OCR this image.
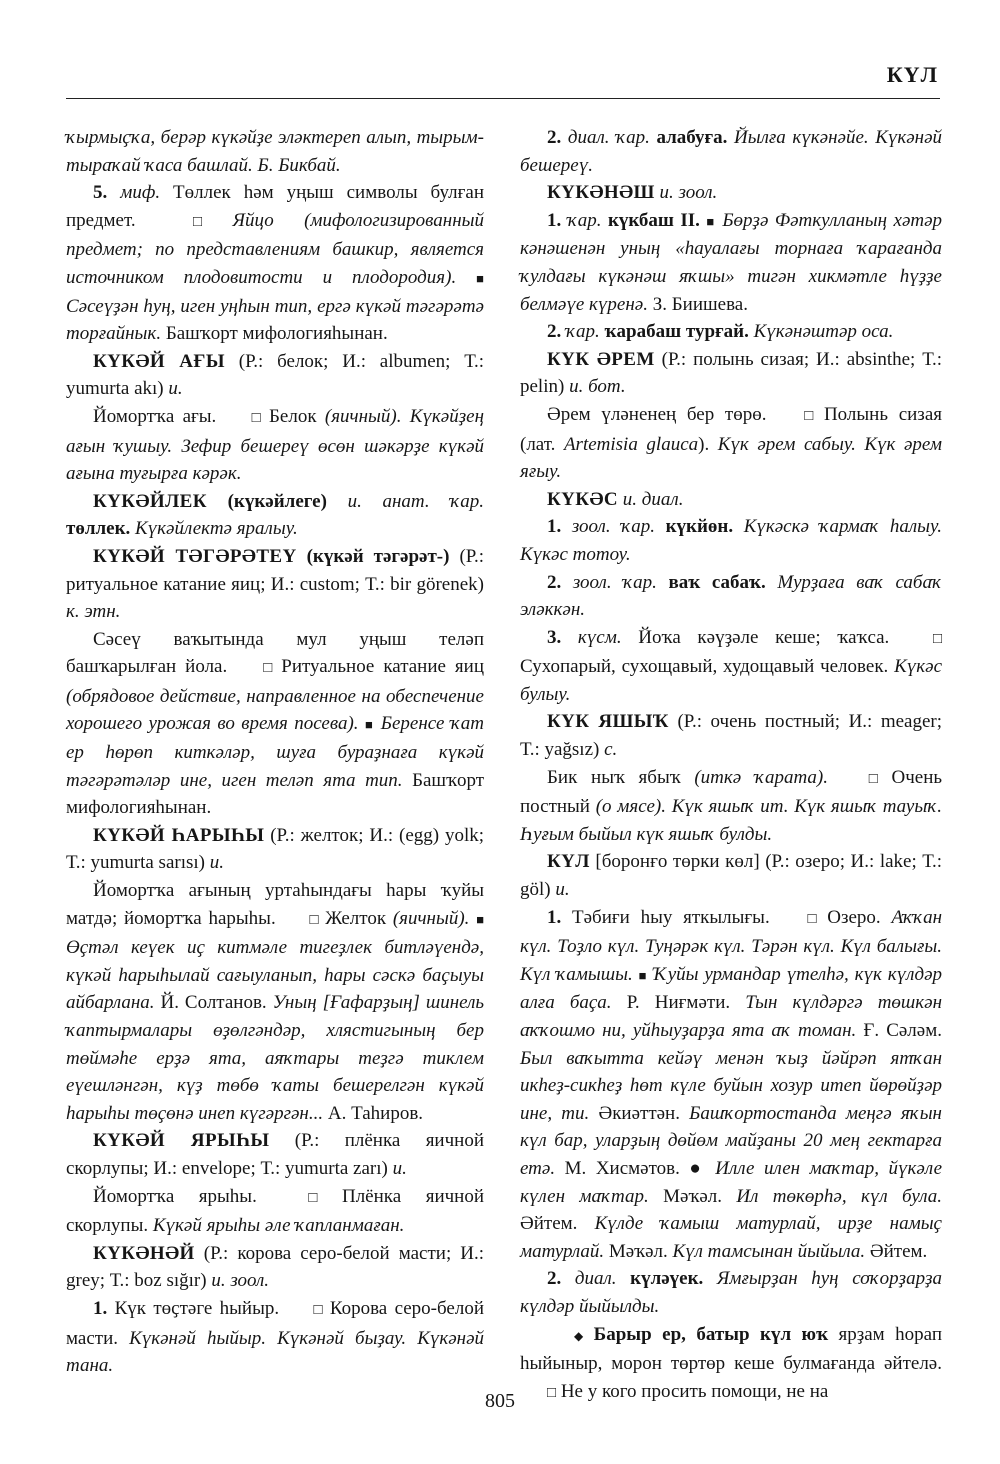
КҮЛ

ҡырмыҫҡа, берәр күкәйҙе эләктереп алып, тырым-тыраҡай ҡаса башлай. Б. Бикбай.

5. миф. Төллек һәм уңыш символы булған предмет.	□ Яйцо (мифологизированный предмет; по представлениям башкир, является источником плодовитости и плодородия). ■ Сәсеүҙән һуң, иген уңһын тип, ергә күкәй тәгәрәтә торғайнык. Башҡорт мифологияһынан.

КҮКӘЙ АҒЫ (Р.: белок; И.: albumen; Т.: yumurta akı) и.

Йомортҡа ағы. □ Белок (яичный). Күкәйҙең ағын ҡушыу. Зефир бешереү өсөн шәкәрҙе күкәй ағына туғырға кәрәк.

КҮКӘЙЛЕК (күкәйлеге) и. анат. ҡар. төллек. Күкәйлектә яралыу.

КҮКӘЙ ТӘГӘРӘТЕҮ (күкәй тәгәрәт-) (Р.: ритуальное катание яиц; И.: custom; Т.: bir görenek) к. этн.

Сәсеү ваҡытында мул уңыш теләп башҡарылған йола. □ Ритуальное катание яиц (обрядовое действие, направленное на обеспечение хорошего урожая во время посева). ■ Беренсе ҡат ер һөрөп киткәләр, шуға бураҙнаға күкәй тәгәрәтәләр ине, иген теләп ята тип. Башҡорт мифологияһынан.

КҮКӘЙ ҺАРЫҺЫ (Р.: желток; И.: (egg) yolk; Т.: yumurta sarısı) и.

Йомортҡа ағының уртаһындағы һары ҡуйы матдә; йомортҡа һарыһы. □ Желток (яичный). ■ Өҫтәл кеүек иҫ китмәле тигеҙлек битләүендә, күкәй һарыһылай сағыуланып, һары сәскә баҫыуы айбарлана. Й. Солтанов. Уның [Ғафарҙың] шинель ҡаптырмалары өҙөлгәндәр, хлястигының бер төймәһе ерҙә ята, аяҡтары теҙгә тиклем еүешләнгән, күҙ төбө ҡаты бешерелгән күкәй һарыһы төҫөнә инеп күгәргән... А. Таһиров.

КҮКӘЙ ЯРЫҺЫ (Р.: плёнка яичной скорлупы; И.: envelope; Т.: yumurta zarı) и.

Йомортҡа ярыһы.	□ Плёнка яичной скорлупы. Күкәй ярыһы әле ҡапланмаған.

КҮКӘНӘЙ (Р.: корова серо-белой масти; И.: grey; Т.: boz sığır) и. зоол.

1. Күк төҫтәге һыйыр. □ Корова серо-белой масти. Күкәнәй һыйыр. Күкәнәй быҙау. Күкәнәй тана.

2. диал. ҡар. алабуға. Йылға күкәнәйе. Күкәнәй бешереү.

КҮКӘНӘШ и. зоол.

1. ҡар. күкбаш II. ■ Бөрҙә Фәткулланың хәтәр кәнәшенән уның «һауалағы торнаға ҡарағанда ҡулдағы күкәнәш яҡшы» тигән хикмәтле һүҙҙе белмәүе күренә. З. Биишева.

2. ҡар. ҡарабаш турғай. Күкәнәштәр оса.

КҮК ӘРЕМ (Р.: полынь сизая; И.: absinthe; Т.: pelin) и. бот.

Әрем үләненең бер төрө.	□ Полынь сизая (лат. Artemisia glauca). Күк әрем сабыу. Күк әрем яғыу.

КҮКӘС и. диал.

1. зоол. ҡар. күкйөн. Күкәскә ҡармаҡ һалыу. Күкәс тотоу.

2. зоол. ҡар. ваҡ сабаҡ. Мурҙаға ваҡ сабаҡ эләккән.

3. күсм. Йоҡа кәүҙәле кеше; ҡаҡса.	□ Сухопарый, сухощавый, худощавый человек. Күкәс булыу.

КҮК ЯШЫҠ (Р.: очень постный; И.: meager; Т.: yağsız) с.

Бик ныҡ ябыҡ (иткә ҡарата).	□ Очень постный (о мясе). Күк яшыҡ ит. Күк яшыҡ тауыҡ. Һуғым быйыл күк яшыҡ булды.

КҮЛ [боронғо төрки көл] (Р.: озеро; И.: lake; Т.: göl) и.

1. Тәбиғи һыу яткылығы.	□ Озеро. Аҡҡан күл. Тоҙло күл. Туңәрәк күл. Тәрән күл. Күл балығы. Күл ҡамышы. ■ Ҡуйы урмандар үтелһә, күк күлдәр алға баҫа. Р. Ниғмәти. Тын күлдәргә төшкән аҡҡошмо ни, уйһыуҙарҙа ята аҡ томан. Ғ. Сәләм. Был ваҡытта кейәү менән ҡыҙ йәйрәп ятҡан икһеҙ-сикһеҙ һөт күле буйын хозур итеп йөрөйҙәр ине, ти. Әкиәттән. Башҡортостанда меңгә яҡын күл бар, уларҙың дөйөм майҙаны 20 мең гектарға етә. М. Хисмәтов. ● Илле илен маҡтар, йүкәле күлен маҡтар. Мәҡәл. Ил төкөрһә, күл була. Әйтем. Күлде ҡамыш матурлай, ирҙе намыҫ матурлай. Мәҡәл. Күл тамсынан йыйыла. Әйтем.

2. диал. күләүек. Ямғырҙан һуң соҡорҙарҙа күлдәр йыйылды.

◆ Барыр ер, батыр күл юҡ ярҙам һорап һыйыныр, морон төртөр кеше булмағанда әйтелә. □ Не у кого просить помощи, не на

805
